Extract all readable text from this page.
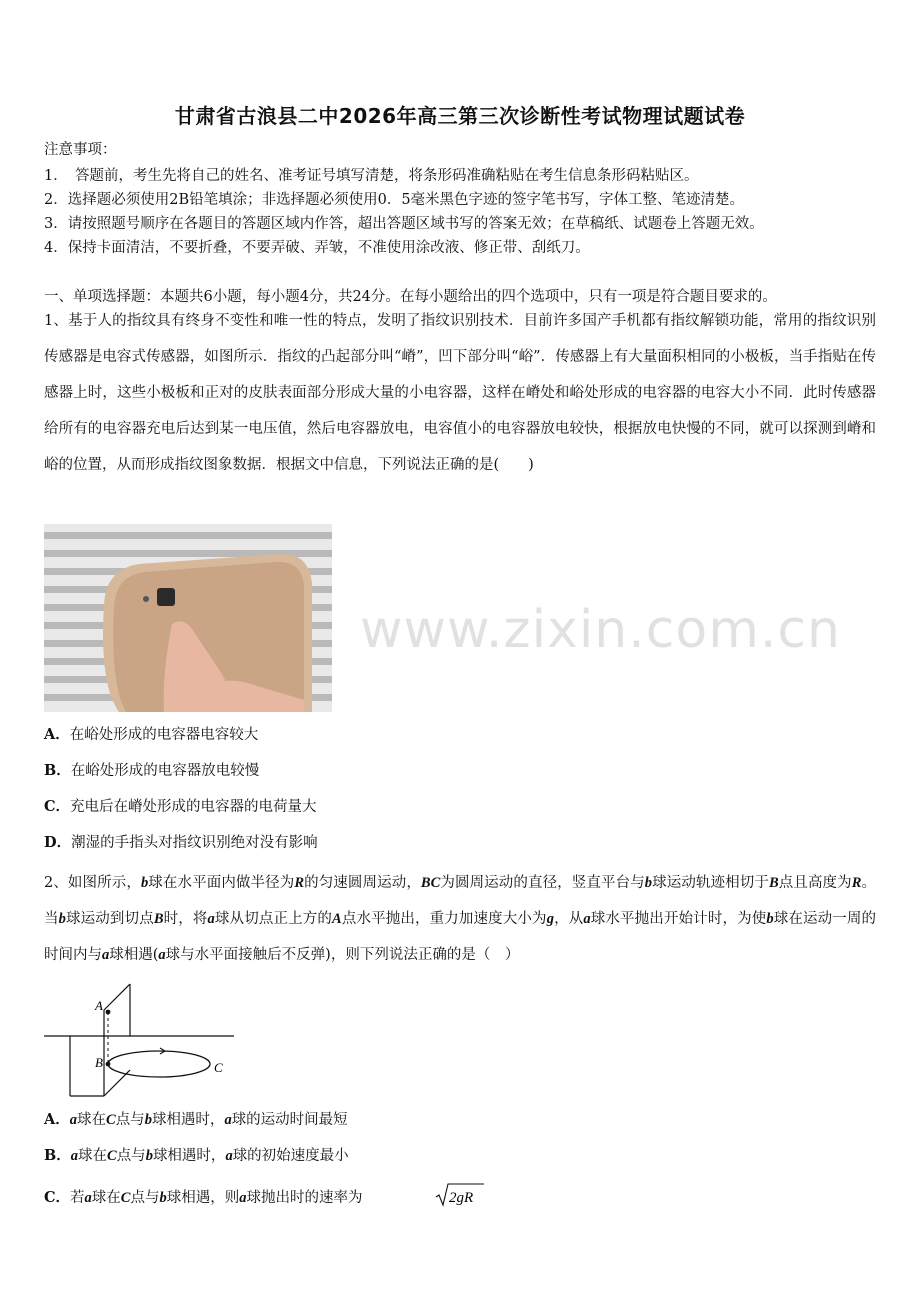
甘肃省古浪县二中2026年高三第三次诊断性考试物理试题试卷
注意事项：
1．　答题前，考生先将自己的姓名、准考证号填写清楚，将条形码准确粘贴在考生信息条形码粘贴区。
2．选择题必须使用2B铅笔填涂；非选择题必须使用0．5毫米黑色字迹的签字笔书写，字体工整、笔迹清楚。
3．请按照题号顺序在各题目的答题区域内作答，超出答题区域书写的答案无效；在草稿纸、试题卷上答题无效。
4．保持卡面清洁，不要折叠，不要弄破、弄皱，不准使用涂改液、修正带、刮纸刀。
一、单项选择题：本题共6小题，每小题4分，共24分。在每小题给出的四个选项中，只有一项是符合题目要求的。
1、基于人的指纹具有终身不变性和唯一性的特点，发明了指纹识别技术．目前许多国产手机都有指纹解锁功能，常用的指纹识别传感器是电容式传感器，如图所示．指纹的凸起部分叫“嵴”，凹下部分叫“峪”．传感器上有大量面积相同的小极板，当手指贴在传感器上时，这些小极板和正对的皮肤表面部分形成大量的小电容器，这样在嵴处和峪处形成的电容器的电容大小不同．此时传感器给所有的电容器充电后达到某一电压值，然后电容器放电，电容值小的电容器放电较快，根据放电快慢的不同，就可以探测到嵴和峪的位置，从而形成指纹图象数据．根据文中信息，下列说法正确的是(　　)
www.zixin.com.cn
A．在峪处形成的电容器电容较大
B．在峪处形成的电容器放电较慢
C．充电后在嵴处形成的电容器的电荷量大
D．潮湿的手指头对指纹识别绝对没有影响
2、如图所示，b球在水平面内做半径为R的匀速圆周运动，BC为圆周运动的直径，竖直平台与b球运动轨迹相切于B点且高度为R。当b球运动到切点B时，将a球从切点正上方的A点水平抛出，重力加速度大小为g，从a球水平抛出开始计时，为使b球在运动一周的时间内与a球相遇(a球与水平面接触后不反弹)，则下列说法正确的是（　）
A
B	C
A．a球在C点与b球相遇时，a球的运动时间最短
B．a球在C点与b球相遇时，a球的初始速度最小
C．若a球在C点与b球相遇，则a球抛出时的速率为	2gR
